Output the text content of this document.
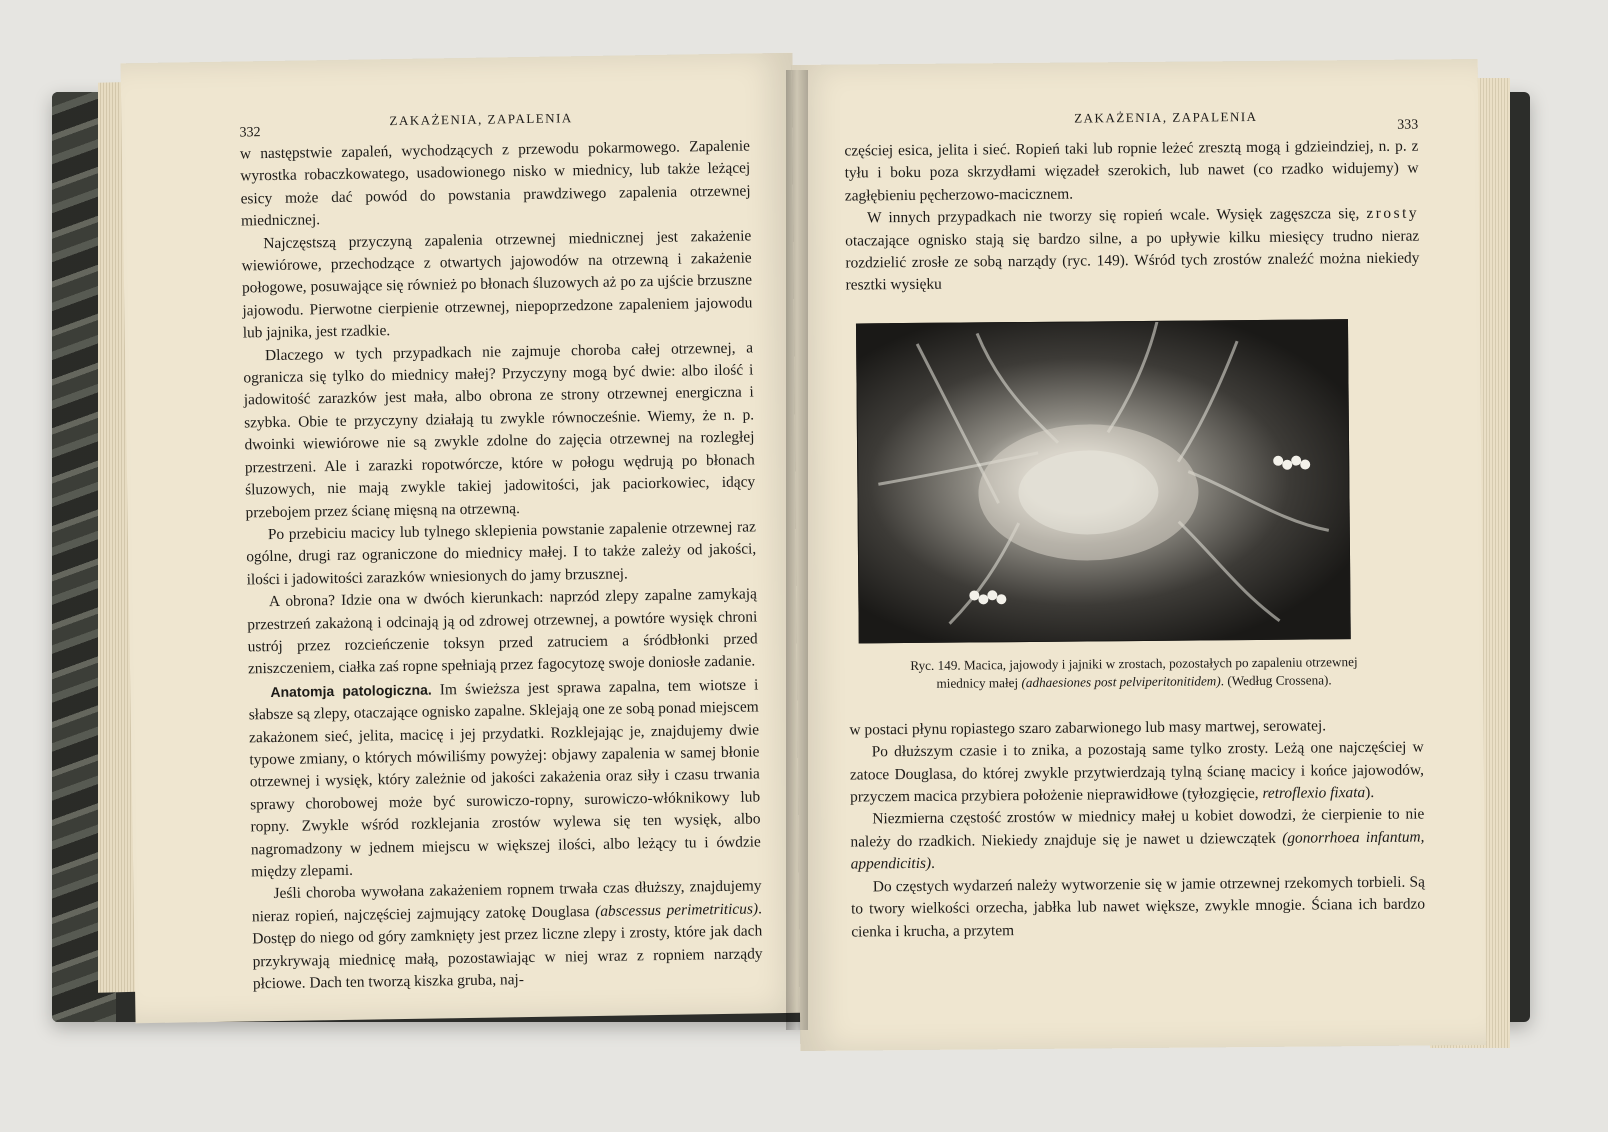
332
ZAKAŻENIA, ZAPALENIA

w następstwie zapaleń, wychodzących z przewodu pokarmowego. Zapalenie wyrostka robaczkowatego, usadowionego nisko w miednicy, lub także leżącej esicy może dać powód do powstania prawdziwego zapalenia otrzewnej miednicznej.

Najczęstszą przyczyną zapalenia otrzewnej miednicznej jest zakażenie wiewiórowe, przechodzące z otwartych jajowodów na otrzewną i zakażenie połogowe, posuwające się również po błonach śluzowych aż po za ujście brzuszne jajowodu. Pierwotne cierpienie otrzewnej, niepoprzedzone zapaleniem jajowodu lub jajnika, jest rzadkie.

Dlaczego w tych przypadkach nie zajmuje choroba całej otrzewnej, a ogranicza się tylko do miednicy małej? Przyczyny mogą być dwie: albo ilość i jadowitość zarazków jest mała, albo obrona ze strony otrzewnej energiczna i szybka. Obie te przyczyny działają tu zwykle równocześnie. Wiemy, że n. p. dwoinki wiewiórowe nie są zwykle zdolne do zajęcia otrzewnej na rozległej przestrzeni. Ale i zarazki ropotwórcze, które w połogu wędrują po błonach śluzowych, nie mają zwykle takiej jadowitości, jak paciorkowiec, idący przebojem przez ścianę mięsną na otrzewną.

Po przebiciu macicy lub tylnego sklepienia powstanie zapalenie otrzewnej raz ogólne, drugi raz ograniczone do miednicy małej. I to także zależy od jakości, ilości i jadowitości zarazków wniesionych do jamy brzusznej.

A obrona? Idzie ona w dwóch kierunkach: naprzód zlepy zapalne zamykają przestrzeń zakażoną i odcinają ją od zdrowej otrzewnej, a powtóre wysięk chroni ustrój przez rozcieńczenie toksyn przed zatruciem a śródbłonki przed zniszczeniem, ciałka zaś ropne spełniają przez fagocytozę swoje doniosłe zadanie.

Anatomja patologiczna. Im świeższa jest sprawa zapalna, tem wiotsze i słabsze są zlepy, otaczające ognisko zapalne. Sklejają one ze sobą ponad miejscem zakażonem sieć, jelita, macicę i jej przydatki. Rozklejając je, znajdujemy dwie typowe zmiany, o których mówiliśmy powyżej: objawy zapalenia w samej błonie otrzewnej i wysięk, który zależnie od jakości zakażenia oraz siły i czasu trwania sprawy chorobowej może być surowiczo-ropny, surowiczo-włóknikowy lub ropny. Zwykle wśród rozklejania zrostów wylewa się ten wysięk, albo nagromadzony w jednem miejscu w większej ilości, albo leżący tu i ówdzie między zlepami.

Jeśli choroba wywołana zakażeniem ropnem trwała czas dłuższy, znajdujemy nieraz ropień, najczęściej zajmujący zatokę Douglasa (abscessus perimetriticus). Dostęp do niego od góry zamknięty jest przez liczne zlepy i zrosty, które jak dach przykrywają miednicę małą, pozostawiając w niej wraz z ropniem narządy płciowe. Dach ten tworzą kiszka gruba, naj-

ZAKAŻENIA, ZAPALENIA	333

częściej esica, jelita i sieć. Ropień taki lub ropnie leżeć zresztą mogą i gdzieindziej, n. p. z tyłu i boku poza skrzydłami więzadeł szerokich, lub nawet (co rzadko widujemy) w zagłębieniu pęcherzowo-macicznem.

W innych przypadkach nie tworzy się ropień wcale. Wysięk zagęszcza się, zrosty otaczające ognisko stają się bardzo silne, a po upływie kilku miesięcy trudno nieraz rozdzielić zrosłe ze sobą narządy (ryc. 149). Wśród tych zrostów znaleźć można niekiedy resztki wysięku

Ryc. 149. Macica, jajowody i jajniki w zrostach, pozostałych po zapaleniu otrzewnej
miednicy małej (adhaesiones post pelviperitonitidem). (Według Crossena).

w postaci płynu ropiastego szaro zabarwionego lub masy martwej, serowatej.

Po dłuższym czasie i to znika, a pozostają same tylko zrosty. Leżą one najczęściej w zatoce Douglasa, do której zwykle przytwierdzają tylną ścianę macicy i końce jajowodów, przyczem macica przybiera położenie nieprawidłowe (tyłozgięcie, retroflexio fixata).

Niezmierna częstość zrostów w miednicy małej u kobiet dowodzi, że cierpienie to nie należy do rzadkich. Niekiedy znajduje się je nawet u dziewczątek (gonorrhoea infantum, appendicitis).

Do częstych wydarzeń należy wytworzenie się w jamie otrzewnej rzekomych torbieli. Są to twory wielkości orzecha, jabłka lub nawet większe, zwykle mnogie. Ściana ich bardzo cienka i krucha, a przytem
